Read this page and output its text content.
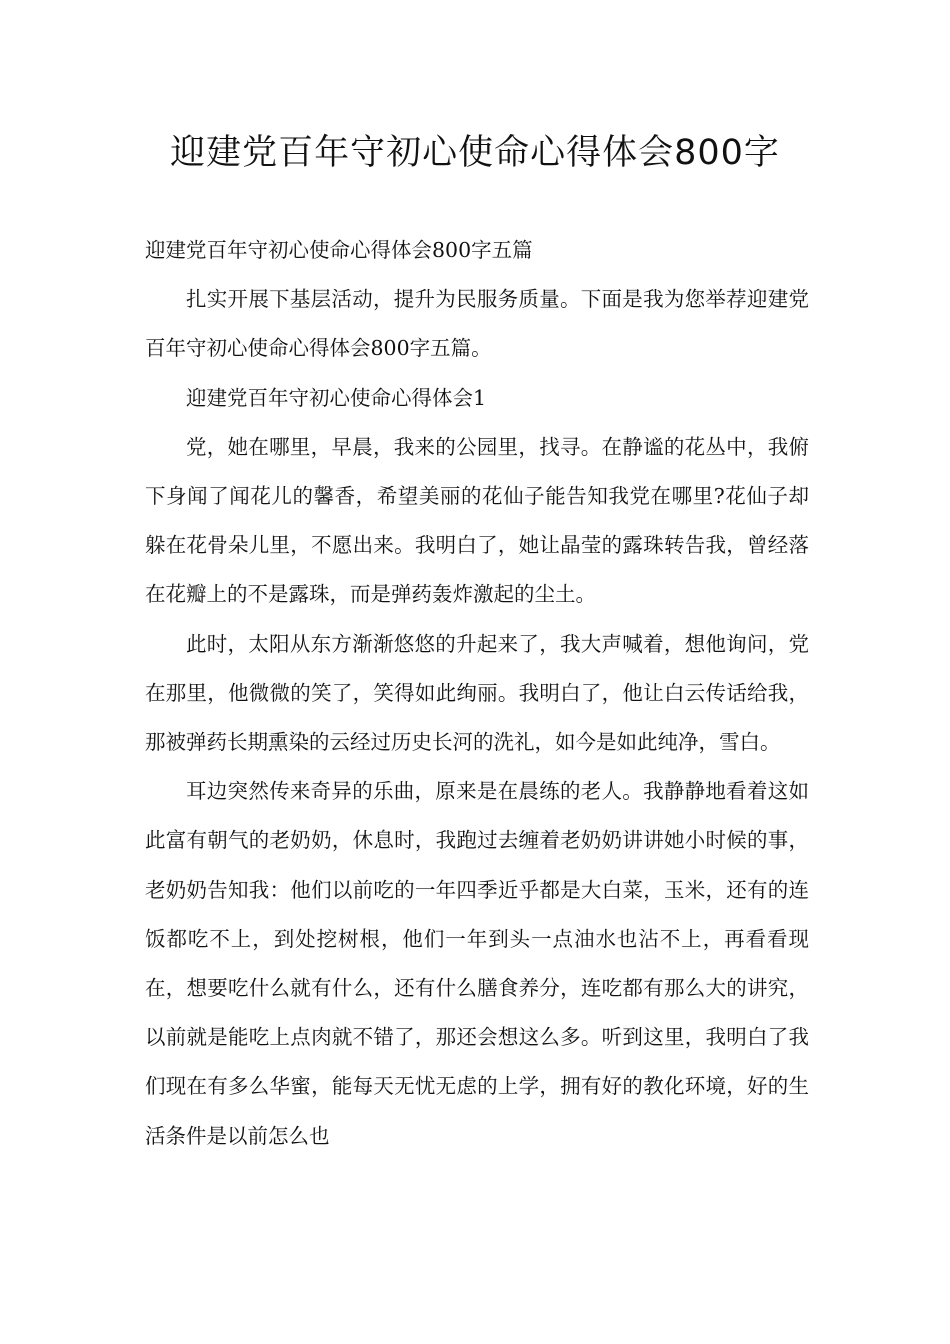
迎建党百年守初心使命心得体会800字

迎建党百年守初心使命心得体会800字五篇

扎实开展下基层活动，提升为民服务质量。下面是我为您举荐迎建党百年守初心使命心得体会800字五篇。

迎建党百年守初心使命心得体会1

党，她在哪里，早晨，我来的公园里，找寻。在静谧的花丛中，我俯下身闻了闻花儿的馨香，希望美丽的花仙子能告知我党在哪里?花仙子却躲在花骨朵儿里，不愿出来。我明白了，她让晶莹的露珠转告我，曾经落在花瓣上的不是露珠，而是弹药轰炸激起的尘土。

此时，太阳从东方渐渐悠悠的升起来了，我大声喊着，想他询问，党在那里，他微微的笑了，笑得如此绚丽。我明白了，他让白云传话给我，那被弹药长期熏染的云经过历史长河的洗礼，如今是如此纯净，雪白。

耳边突然传来奇异的乐曲，原来是在晨练的老人。我静静地看着这如此富有朝气的老奶奶，休息时，我跑过去缠着老奶奶讲讲她小时候的事，老奶奶告知我：他们以前吃的一年四季近乎都是大白菜，玉米，还有的连饭都吃不上，到处挖树根，他们一年到头一点油水也沾不上，再看看现在，想要吃什么就有什么，还有什么膳食养分，连吃都有那么大的讲究，以前就是能吃上点肉就不错了，那还会想这么多。听到这里，我明白了我们现在有多么华蜜，能每天无忧无虑的上学，拥有好的教化环境，好的生活条件是以前怎么也
